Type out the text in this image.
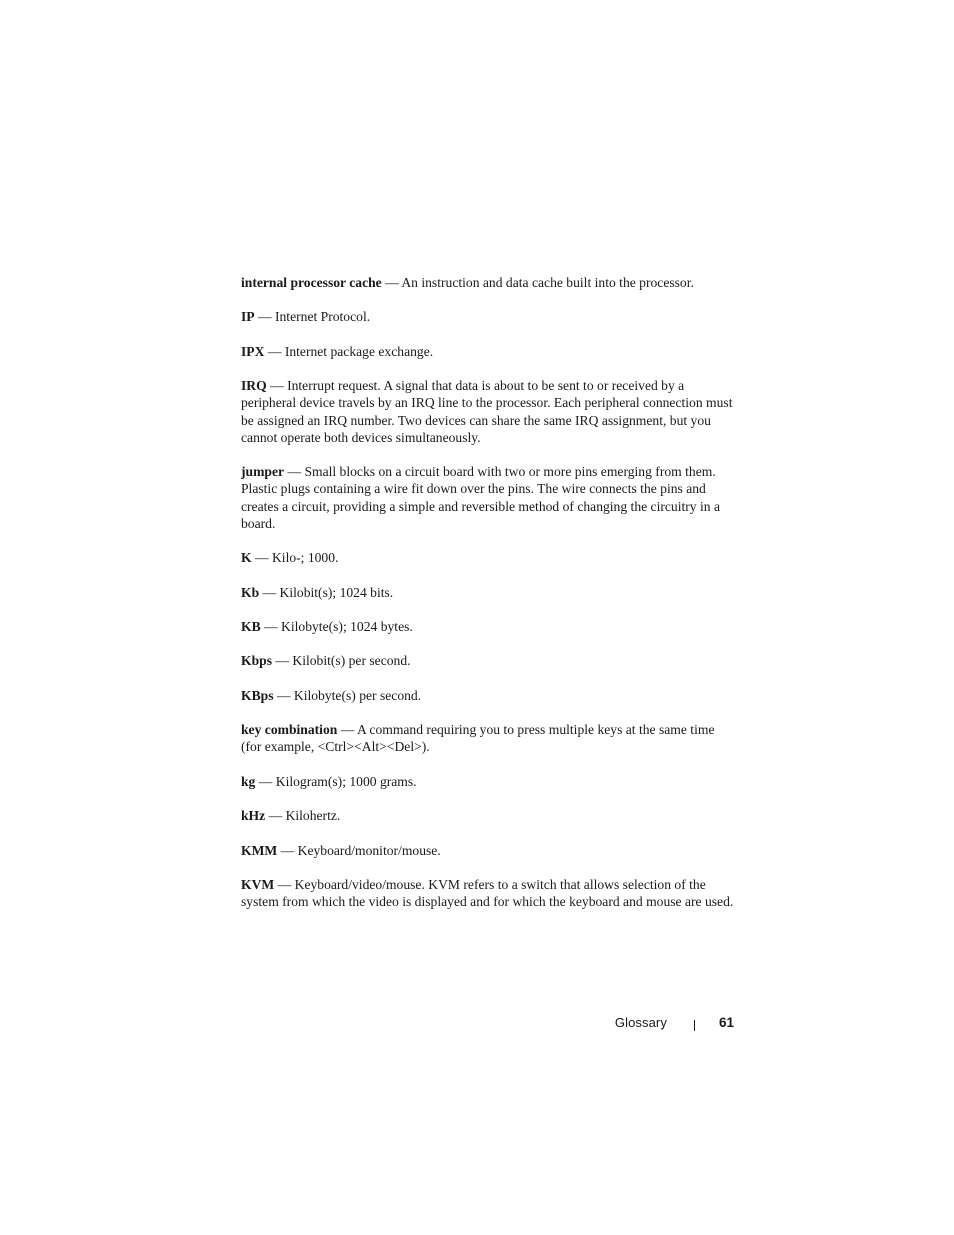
internal processor cache — An instruction and data cache built into the processor.

IP — Internet Protocol.

IPX — Internet package exchange.

IRQ — Interrupt request. A signal that data is about to be sent to or received by a peripheral device travels by an IRQ line to the processor. Each peripheral connection must be assigned an IRQ number. Two devices can share the same IRQ assignment, but you cannot operate both devices simultaneously.

jumper — Small blocks on a circuit board with two or more pins emerging from them. Plastic plugs containing a wire fit down over the pins. The wire connects the pins and creates a circuit, providing a simple and reversible method of changing the circuitry in a board.

K — Kilo-; 1000.

Kb — Kilobit(s); 1024 bits.

KB — Kilobyte(s); 1024 bytes.

Kbps — Kilobit(s) per second.

KBps — Kilobyte(s) per second.

key combination — A command requiring you to press multiple keys at the same time (for example, <Ctrl><Alt><Del>).

kg — Kilogram(s); 1000 grams.

kHz — Kilohertz.

KMM — Keyboard/monitor/mouse.

KVM — Keyboard/video/mouse. KVM refers to a switch that allows selection of the system from which the video is displayed and for which the keyboard and mouse are used.

Glossary	61
